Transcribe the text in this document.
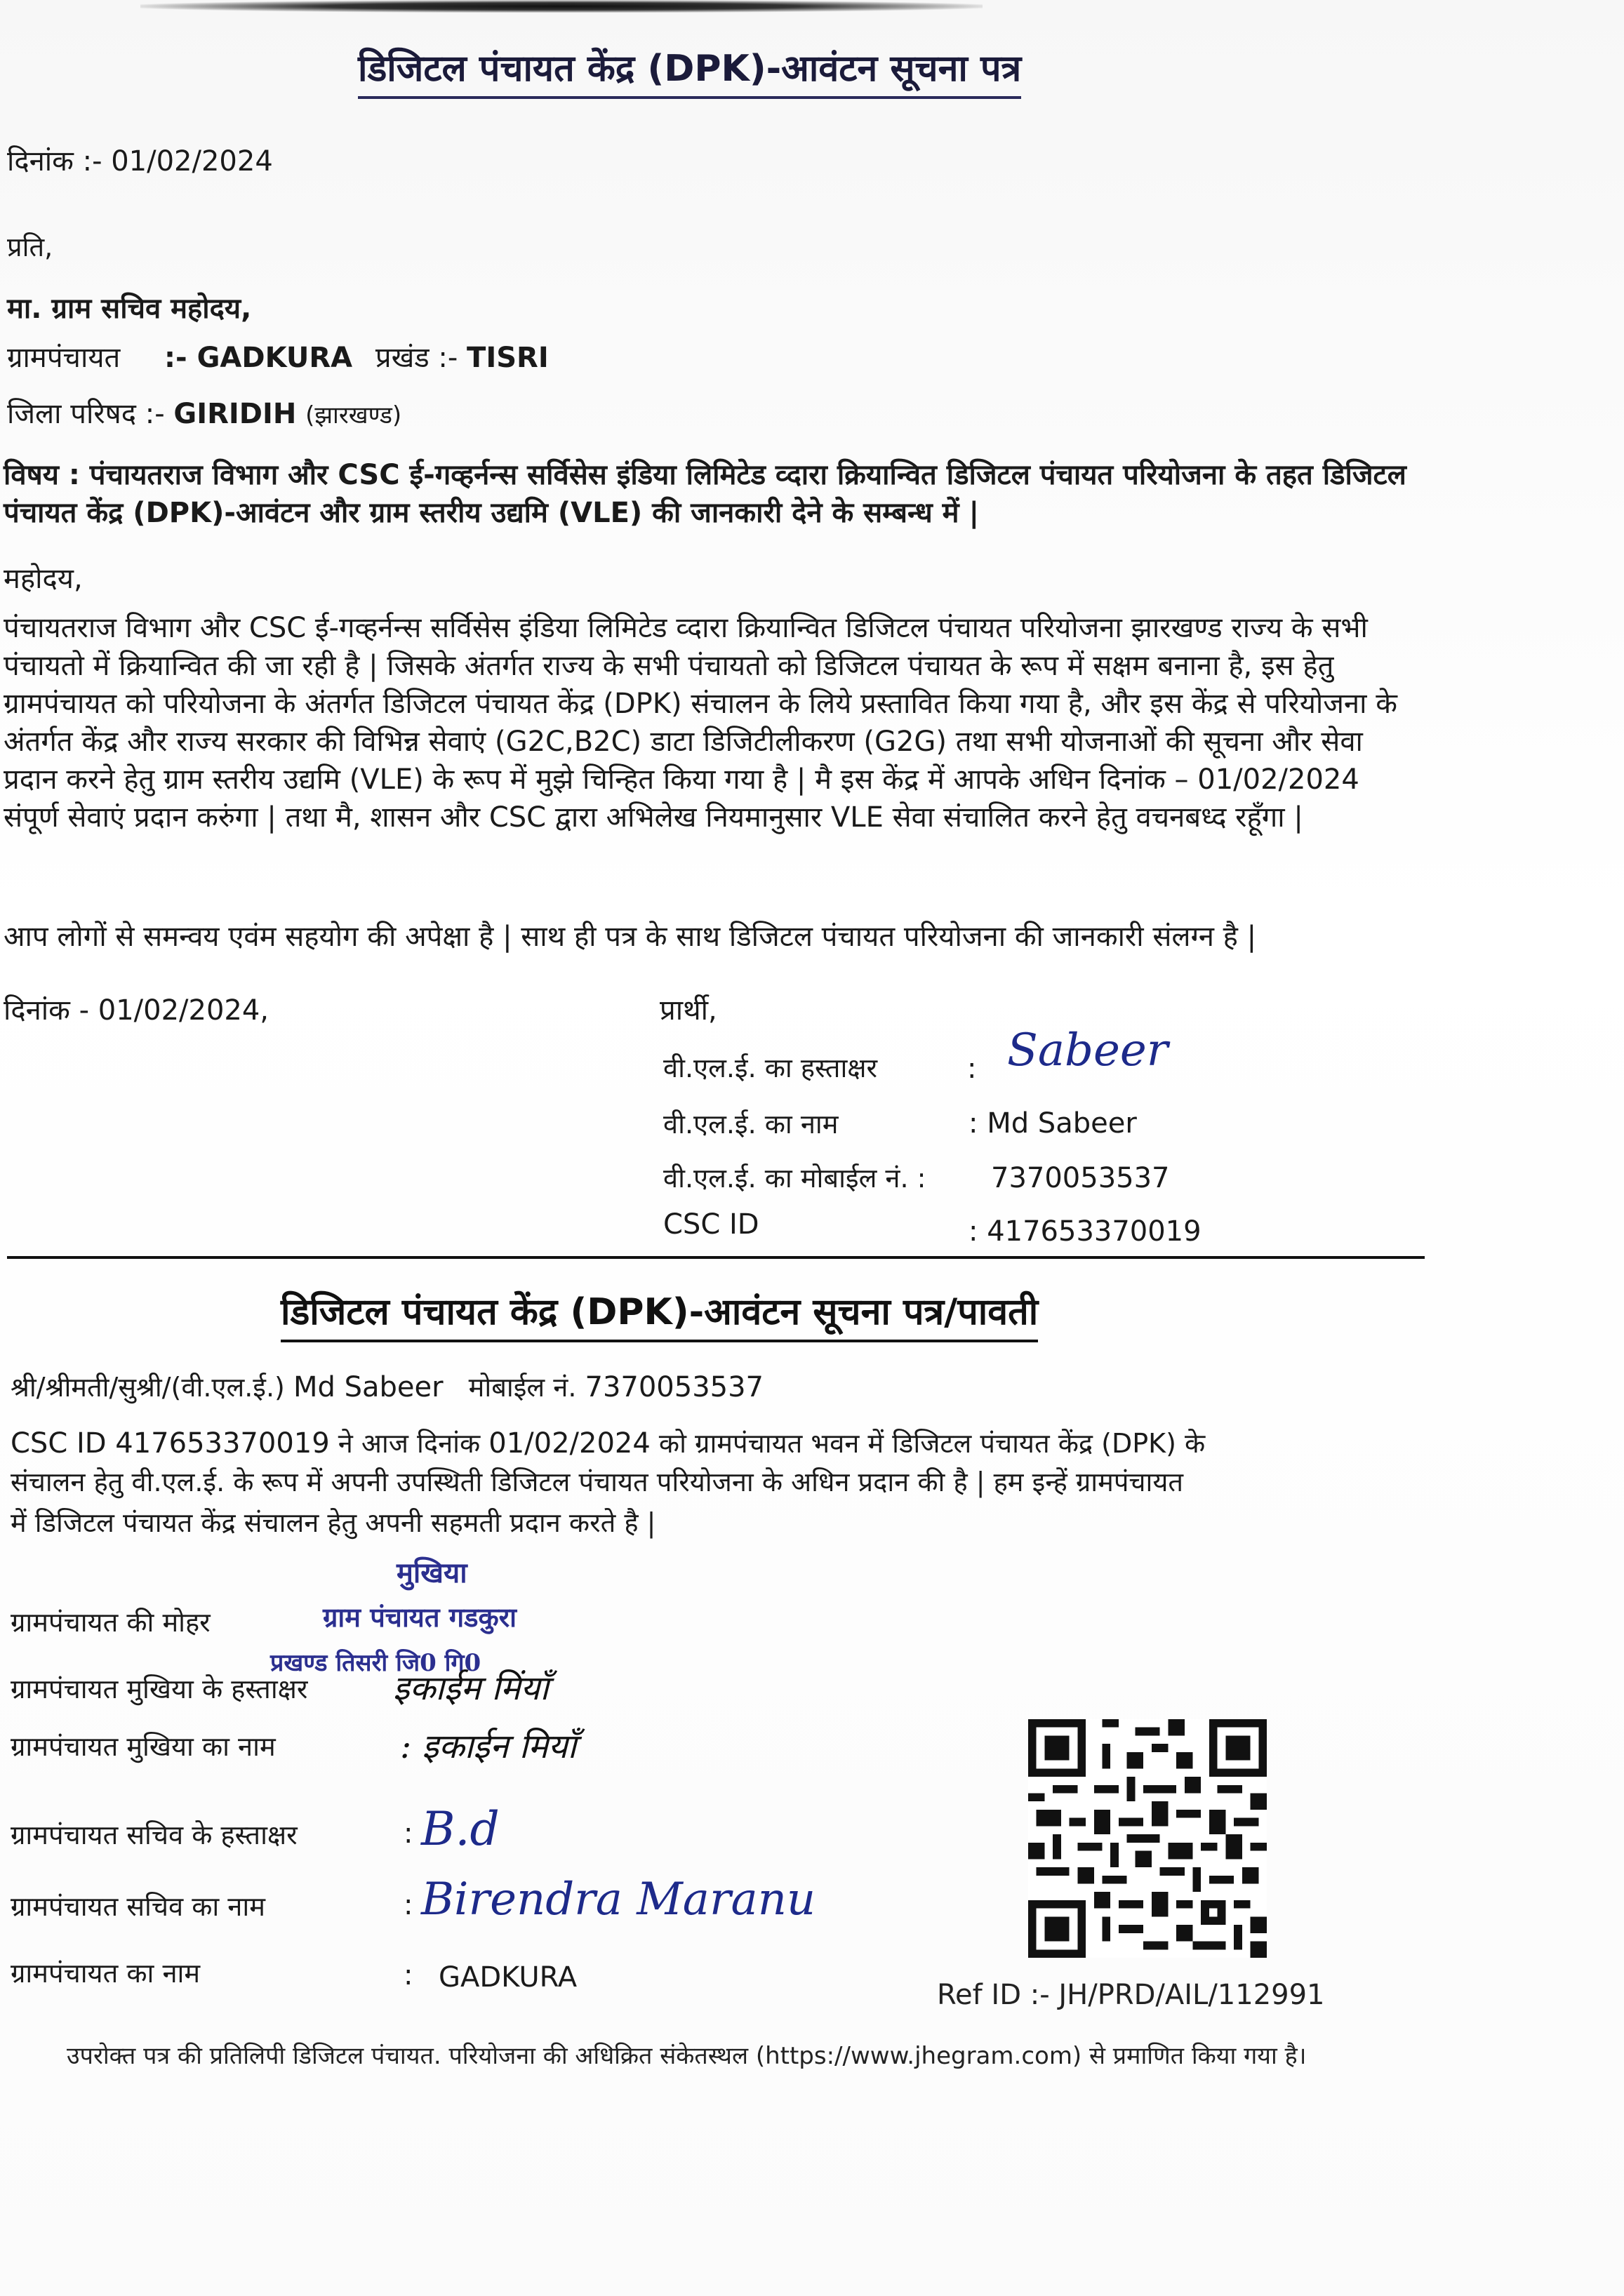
डिजिटल पंचायत केंद्र (DPK)-आवंटन सूचना पत्र
दिनांक :- 01/02/2024
प्रति,
मा. ग्राम सचिव महोदय,
ग्रामपंचायत :- GADKURA प्रखंड :- TISRI
जिला परिषद :- GIRIDIH (झारखण्ड)
विषय : पंचायतराज विभाग और CSC ई-गव्हर्नन्स सर्विसेस इंडिया लिमिटेड व्दारा क्रियान्वित डिजिटल पंचायत परियोजना के तहत डिजिटल पंचायत केंद्र (DPK)-आवंटन और ग्राम स्तरीय उद्यमि (VLE) की जानकारी देने के सम्बन्ध में |
महोदय,
पंचायतराज विभाग और CSC ई-गव्हर्नन्स सर्विसेस इंडिया लिमिटेड व्दारा क्रियान्वित डिजिटल पंचायत परियोजना झारखण्ड राज्य के सभी पंचायतो में क्रियान्वित की जा रही है | जिसके अंतर्गत राज्य के सभी पंचायतो को डिजिटल पंचायत के रूप में सक्षम बनाना है, इस हेतु ग्रामपंचायत को परियोजना के अंतर्गत डिजिटल पंचायत केंद्र (DPK) संचालन के लिये प्रस्तावित किया गया है, और इस केंद्र से परियोजना के अंतर्गत केंद्र और राज्य सरकार की विभिन्न सेवाएं (G2C,B2C) डाटा डिजिटीलीकरण (G2G) तथा सभी योजनाओं की सूचना और सेवा प्रदान करने हेतु ग्राम स्तरीय उद्यमि (VLE) के रूप में मुझे चिन्हित किया गया है | मै इस केंद्र में आपके अधिन दिनांक – 01/02/2024 संपूर्ण सेवाएं प्रदान करुंगा | तथा मै, शासन और CSC द्वारा अभिलेख नियमानुसार VLE सेवा संचालित करने हेतु वचनबध्द रहूँगा |
आप लोगों से समन्वय एवंम सहयोग की अपेक्षा है | साथ ही पत्र के साथ डिजिटल पंचायत परियोजना की जानकारी संलग्न है |
दिनांक - 01/02/2024,	प्रार्थी,
वी.एल.ई. का हस्ताक्षर	: Sabeer
वी.एल.ई. का नाम	: Md Sabeer
वी.एल.ई. का मोबाईल नं. : 7370053537
CSC ID	: 417653370019
डिजिटल पंचायत केंद्र (DPK)-आवंटन सूचना पत्र/पावती
श्री/श्रीमती/सुश्री/(वी.एल.ई.) Md Sabeer मोबाईल नं. 7370053537
CSC ID 417653370019 ने आज दिनांक 01/02/2024 को ग्रामपंचायत भवन में डिजिटल पंचायत केंद्र (DPK) के
संचालन हेतु वी.एल.ई. के रूप में अपनी उपस्थिती डिजिटल पंचायत परियोजना के अधिन प्रदान की है | हम इन्हें ग्रामपंचायत
में डिजिटल पंचायत केंद्र संचालन हेतु अपनी सहमती प्रदान करते है |
मुखिया
ग्राम पंचायत गडकुरा
प्रखण्ड तिसरी जि0 गि0
ग्रामपंचायत की मोहर
ग्रामपंचायत मुखिया के हस्ताक्षर	इकाईम मिंयाँ
ग्रामपंचायत मुखिया का नाम	: इकाईन मियाँ
ग्रामपंचायत सचिव के हस्ताक्षर	: B.d
ग्रामपंचायत सचिव का नाम	: Birendra Maranu
ग्रामपंचायत का नाम	: GADKURA
Ref ID :- JH/PRD/AIL/112991
उपरोक्त पत्र की प्रतिलिपी डिजिटल पंचायत. परियोजना की अधिक्रित संकेतस्थल (https://www.jhegram.com) से प्रमाणित किया गया है।
